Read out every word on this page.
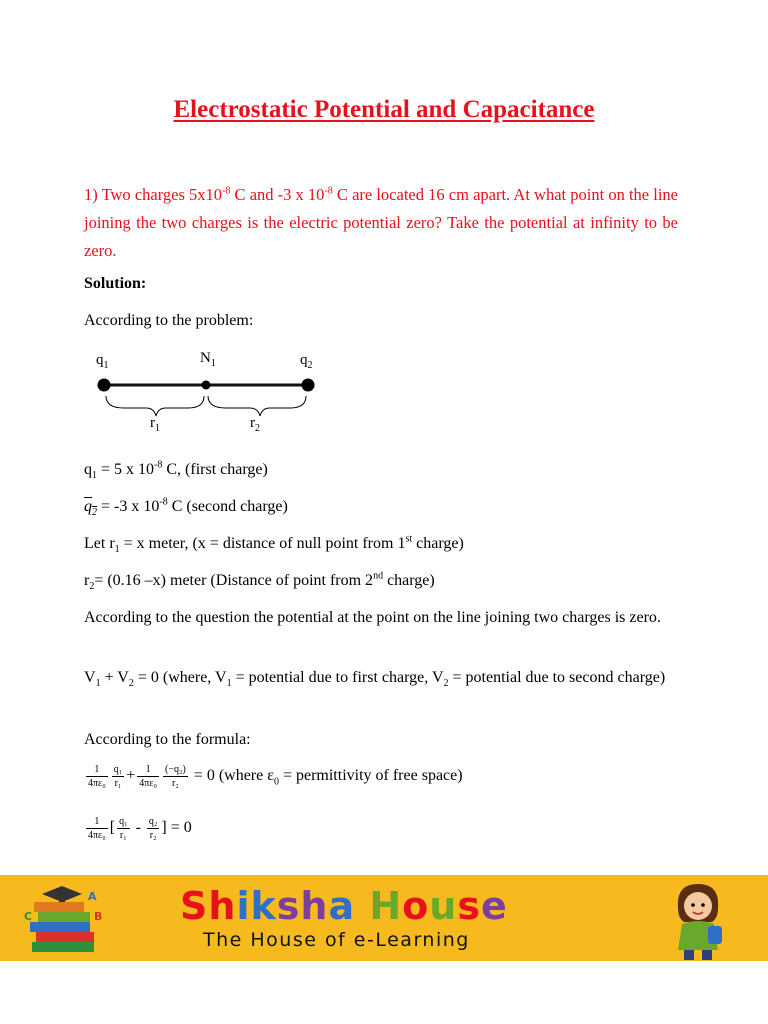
Electrostatic Potential and Capacitance
1) Two charges $5x10^{-8}$ C and -3 x $10^{-8}$ C are located 16 cm apart. At what point on the line joining the two charges is the electric potential zero? Take the potential at infinity to be zero.
Solution:
According to the problem:
$q_1$	$N_1$	$q_2$
$r_1$	$r_2$
$q_1 = 5$ x $10^{-8}$ C, (first charge)
$q_2 = -3$ x $10^{-8}$ C (second charge)
Let $r_1 = x$ meter, (x = distance of null point from 1st charge)
$r_2= (0.16$ –x) meter (Distance of point from 2nd charge)
According to the question the potential at the point on the line joining two charges is zero.
$V_1 + V_2 = 0$ (where, $V_1$ = potential due to first charge, $V_2$ = potential due to second charge)
According to the formula:
$\frac{1}{\text{4πε₀}} \frac{\text{q₁}}{\text{r₁}} + \frac{1}{\text{4πε₀}} \frac{\text{(−q₂)}}{\text{r₂}} = 0$ (where $\varepsilon_0$ = permittivity of free space)
$\frac{1}{\text{4πε₀}}$ [ $\frac{\text{q₁}}{\text{r₁}} - \frac{\text{q₂}}{\text{r₂}}$ ] = 0
A
B
C	Shiksha House
The House of e-Learning
